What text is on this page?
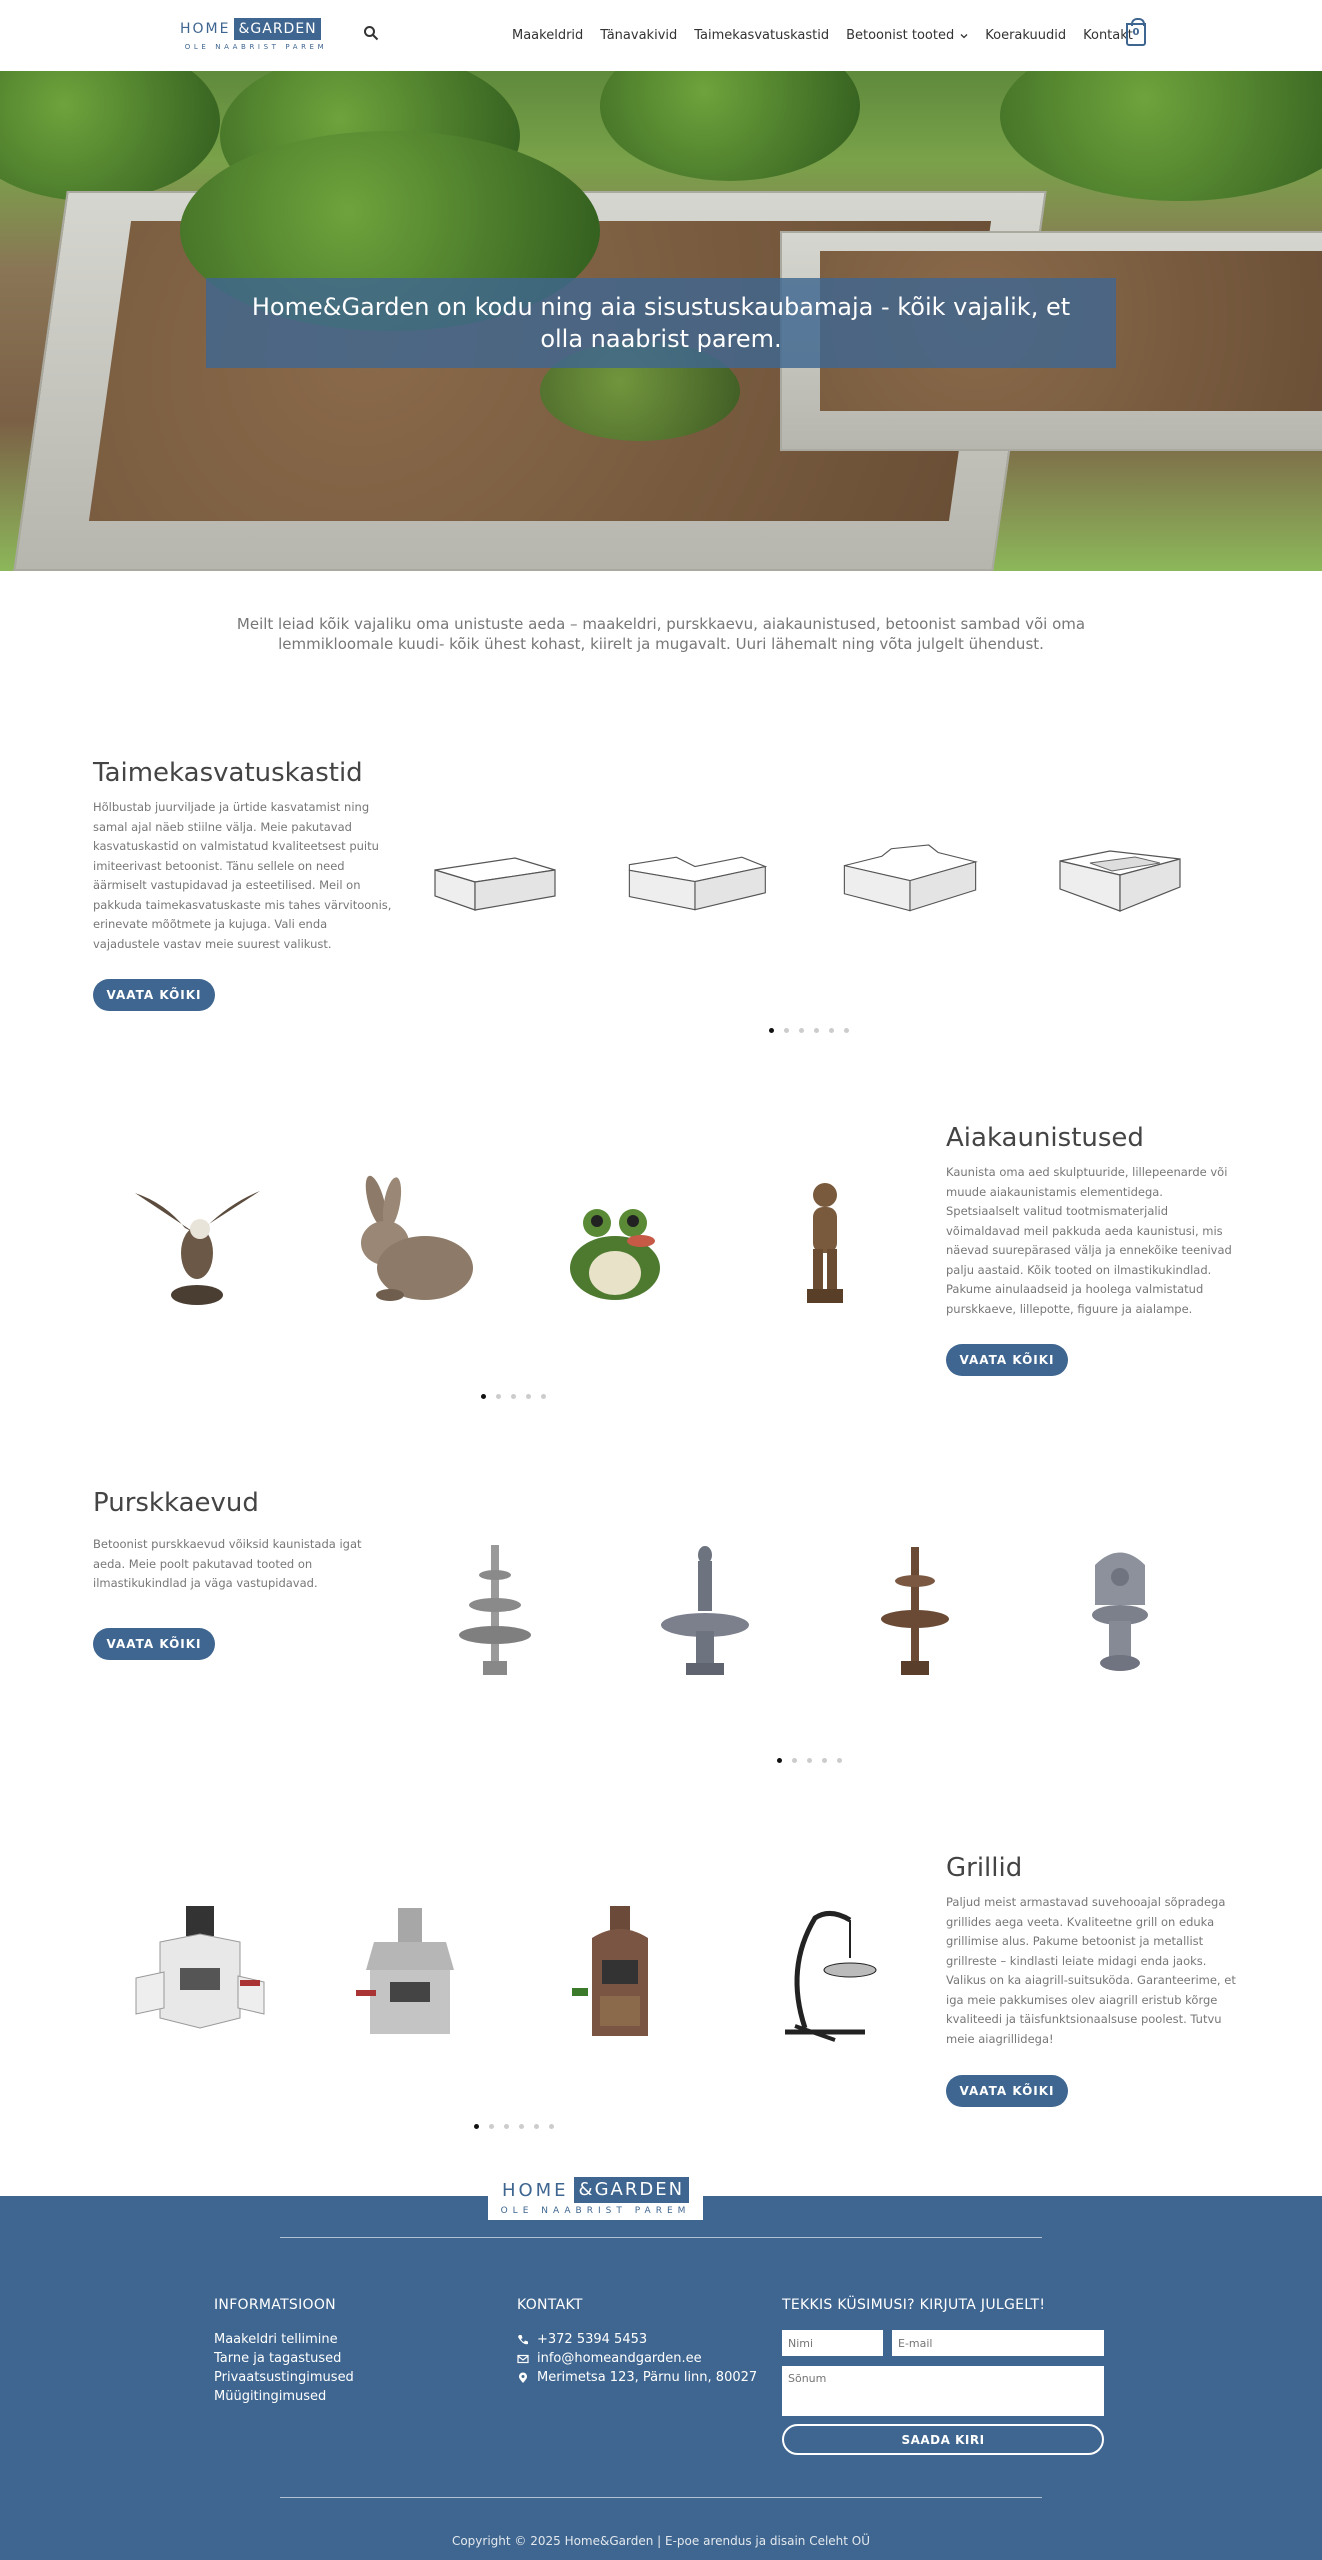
HOME &GARDEN
OLE NAABRIST PAREM
Maakeldrid Tänavakivid Taimekasvatuskastid Betoonist tooted Koerakuudid Kontakt 0
Home&Garden on kodu ning aia sisustuskaubamaja - kõik vajalik, et olla naabrist parem.

Meilt leiad kõik vajaliku oma unistuste aeda – maakeldri, purskkaevu, aiakaunistused, betoonist sambad või oma lemmikloomale kuudi- kõik ühest kohast, kiirelt ja mugavalt. Uuri lähemalt ning võta julgelt ühendust.

Taimekasvatuskastid
Hõlbustab juurviljade ja ürtide kasvatamist ning samal ajal näeb stiilne välja. Meie pakutavad kasvatuskastid on valmistatud kvaliteetsest puitu imiteerivast betoonist. Tänu sellele on need äärmiselt vastupidavad ja esteetilised. Meil on pakkuda taimekasvatuskaste mis tahes värvitoonis, erinevate mõõtmete ja kujuga. Vali enda vajadustele vastav meie suurest valikust.
VAATA KÕIKI
Aiakaunistused
Kaunista oma aed skulptuuride, lillepeenarde või muude aiakaunistamis elementidega. Spetsiaalselt valitud tootmismaterjalid võimaldavad meil pakkuda aeda kaunistusi, mis näevad suurepärased välja ja ennekõike teenivad palju aastaid. Kõik tooted on ilmastikukindlad. Pakume ainulaadseid ja hoolega valmistatud purskkaeve, lillepotte, figuure ja aialampe.
VAATA KÕIKI
Purskkaevud
Betoonist purskkaevud võiksid kaunistada igat aeda. Meie poolt pakutavad tooted on ilmastikukindlad ja väga vastupidavad.
VAATA KÕIKI
Grillid
Paljud meist armastavad suvehooajal sõpradega grillides aega veeta. Kvaliteetne grill on eduka grillimise alus. Pakume betoonist ja metallist grillreste – kindlasti leiate midagi enda jaoks. Valikus on ka aiagrill-suitsuköda. Garanteerime, et iga meie pakkumises olev aiagrill eristub kõrge kvaliteedi ja täisfunktsionaalsuse poolest. Tutvu meie aiagrillidega!
VAATA KÕIKI
HOME &GARDEN
OLE NAABRIST PAREM
INFORMATSIOON
Maakeldri tellimine
Tarne ja tagastused
Privaatsustingimused
Müügitingimused
KONTAKT
+372 5394 5453
info@homeandgarden.ee
Merimetsa 123, Pärnu linn, 80027
TEKKIS KÜSIMUSI? KIRJUTA JULGELT!
Nimi
E-mail
Sõnum
SAADA KIRI
Copyright © 2025 Home&Garden | E-poe arendus ja disain Celeht OÜ
